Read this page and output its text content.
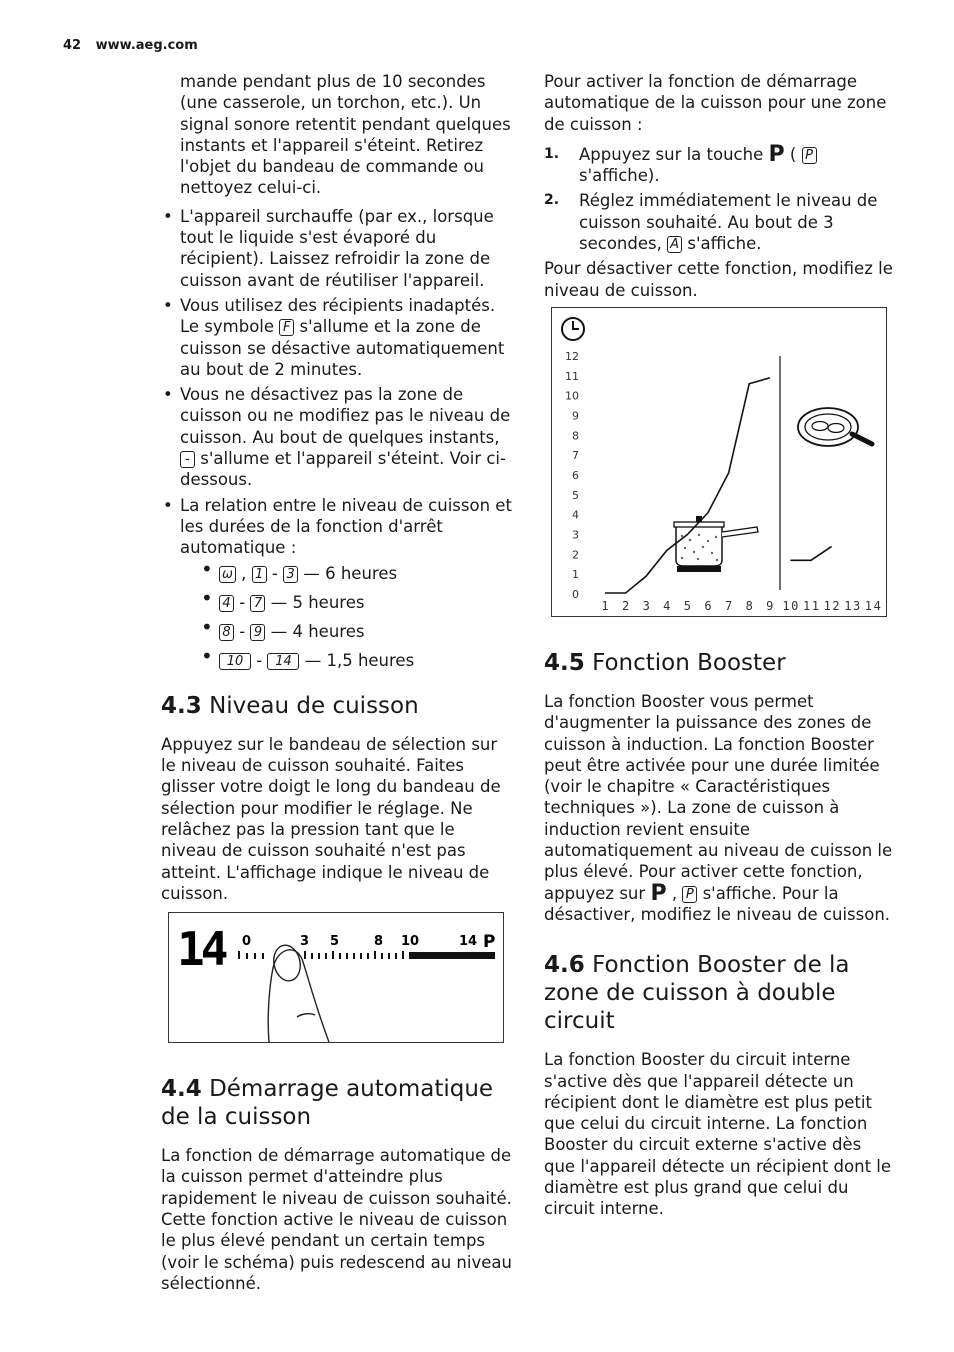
42 www.aeg.com

mande pendant plus de 10 secondes (une casserole, un torchon, etc.). Un signal sonore retentit pendant quelques instants et l'appareil s'éteint. Retirez l'objet du bandeau de commande ou nettoyez celui-ci.

• L'appareil surchauffe (par ex., lorsque tout le liquide s'est évaporé du récipient). Laissez refroidir la zone de cuisson avant de réutiliser l'appareil.
• Vous utilisez des récipients inadaptés. Le symbole F s'allume et la zone de cuisson se désactive automatiquement au bout de 2 minutes.
• Vous ne désactivez pas la zone de cuisson ou ne modifiez pas le niveau de cuisson. Au bout de quelques instants, - s'allume et l'appareil s'éteint. Voir ci-dessous.
• La relation entre le niveau de cuisson et les durées de la fonction d'arrêt automatique :
• ω , 1 - 3 — 6 heures
• 4 - 7 — 5 heures
• 8 - 9 — 4 heures
• 10 - 14 — 1,5 heures
4.3 Niveau de cuisson

Appuyez sur le bandeau de sélection sur le niveau de cuisson souhaité. Faites glisser votre doigt le long du bandeau de sélection pour modifier le réglage. Ne relâchez pas la pression tant que le niveau de cuisson souhaité n'est pas atteint. L'affichage indique le niveau de cuisson.

14 0	3 5	8 10	14 P
4.4 Démarrage automatique de la cuisson

La fonction de démarrage automatique de la cuisson permet d'atteindre plus rapidement le niveau de cuisson souhaité. Cette fonction active le niveau de cuisson le plus élevé pendant un certain temps (voir le schéma) puis redescend au niveau sélectionné.

Pour activer la fonction de démarrage automatique de la cuisson pour une zone de cuisson :

1. Appuyez sur la touche P ( P s'affiche).
2. Réglez immédiatement le niveau de cuisson souhaité. Au bout de 3 secondes, A s'affiche.

Pour désactiver cette fonction, modifiez le niveau de cuisson.

0
1
2
3
4
5
6
7
8
9
10
11
12
1 2 3 4 5 6 7 8 9 10 11 12 13 14
4.5 Fonction Booster

La fonction Booster vous permet d'augmenter la puissance des zones de cuisson à induction. La fonction Booster peut être activée pour une durée limitée (voir le chapitre « Caractéristiques techniques »). La zone de cuisson à induction revient ensuite automatiquement au niveau de cuisson le plus élevé. Pour activer cette fonction, appuyez sur P , P s'affiche. Pour la désactiver, modifiez le niveau de cuisson.

4.6 Fonction Booster de la zone de cuisson à double circuit

La fonction Booster du circuit interne s'active dès que l'appareil détecte un récipient dont le diamètre est plus petit que celui du circuit interne. La fonction Booster du circuit externe s'active dès que l'appareil détecte un récipient dont le diamètre est plus grand que celui du circuit interne.
